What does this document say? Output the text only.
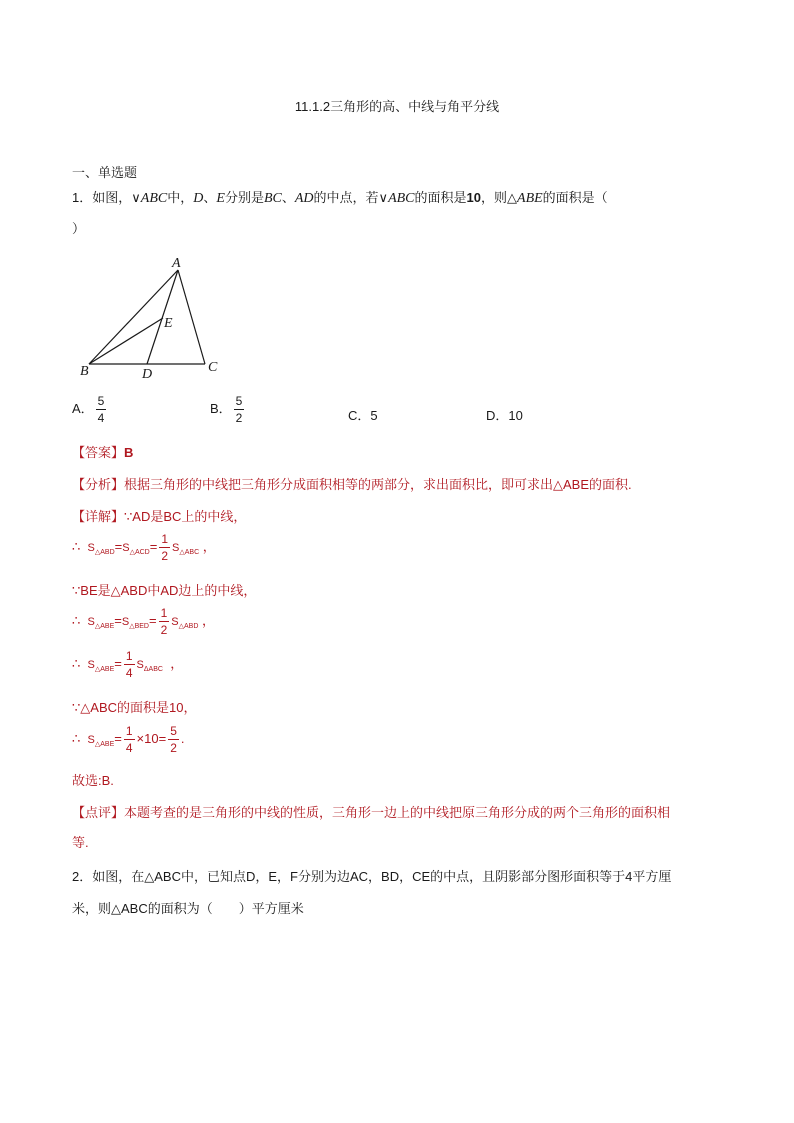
11.1.2三角形的高、中线与角平分线
一、单选题
1．如图，∨ABC中，D、E分别是BC、AD的中点，若∨ABC的面积是10，则△ABE的面积是（
）
A
B	C
D
E
A． $\frac{5}{4}$	B． $\frac{5}{2}$	C．5	D．10
【答案】B
【分析】根据三角形的中线把三角形分成面积相等的两部分，求出面积比，即可求出△ABE的面积.
【详解】∵AD是BC上的中线，
∴ $S_{\triangle ABD}=S_{\triangle ACD}= \frac{1}{2} S_{\triangle ABC}$ ，
∵BE是△ABD中AD边上的中线，
∴ $S_{\triangle ABE}=S_{\triangle BED}= \frac{1}{2} S_{\triangle ABD}$ ，
∴ $S_{\triangle ABE}= \frac{1}{4} S_{\Delta ABC}$ ，
∵△ABC的面积是10，
∴ $S_{\triangle ABE}= \frac{1}{4} \times 10= \frac{5}{2}$ .
故选:B.
【点评】本题考查的是三角形的中线的性质，三角形一边上的中线把原三角形分成的两个三角形的面积相
等.
2．如图，在△ABC中，已知点D，E，F分别为边AC，BD，CE的中点，且阴影部分图形面积等于4平方厘
米，则△ABC的面积为（　　）平方厘米
